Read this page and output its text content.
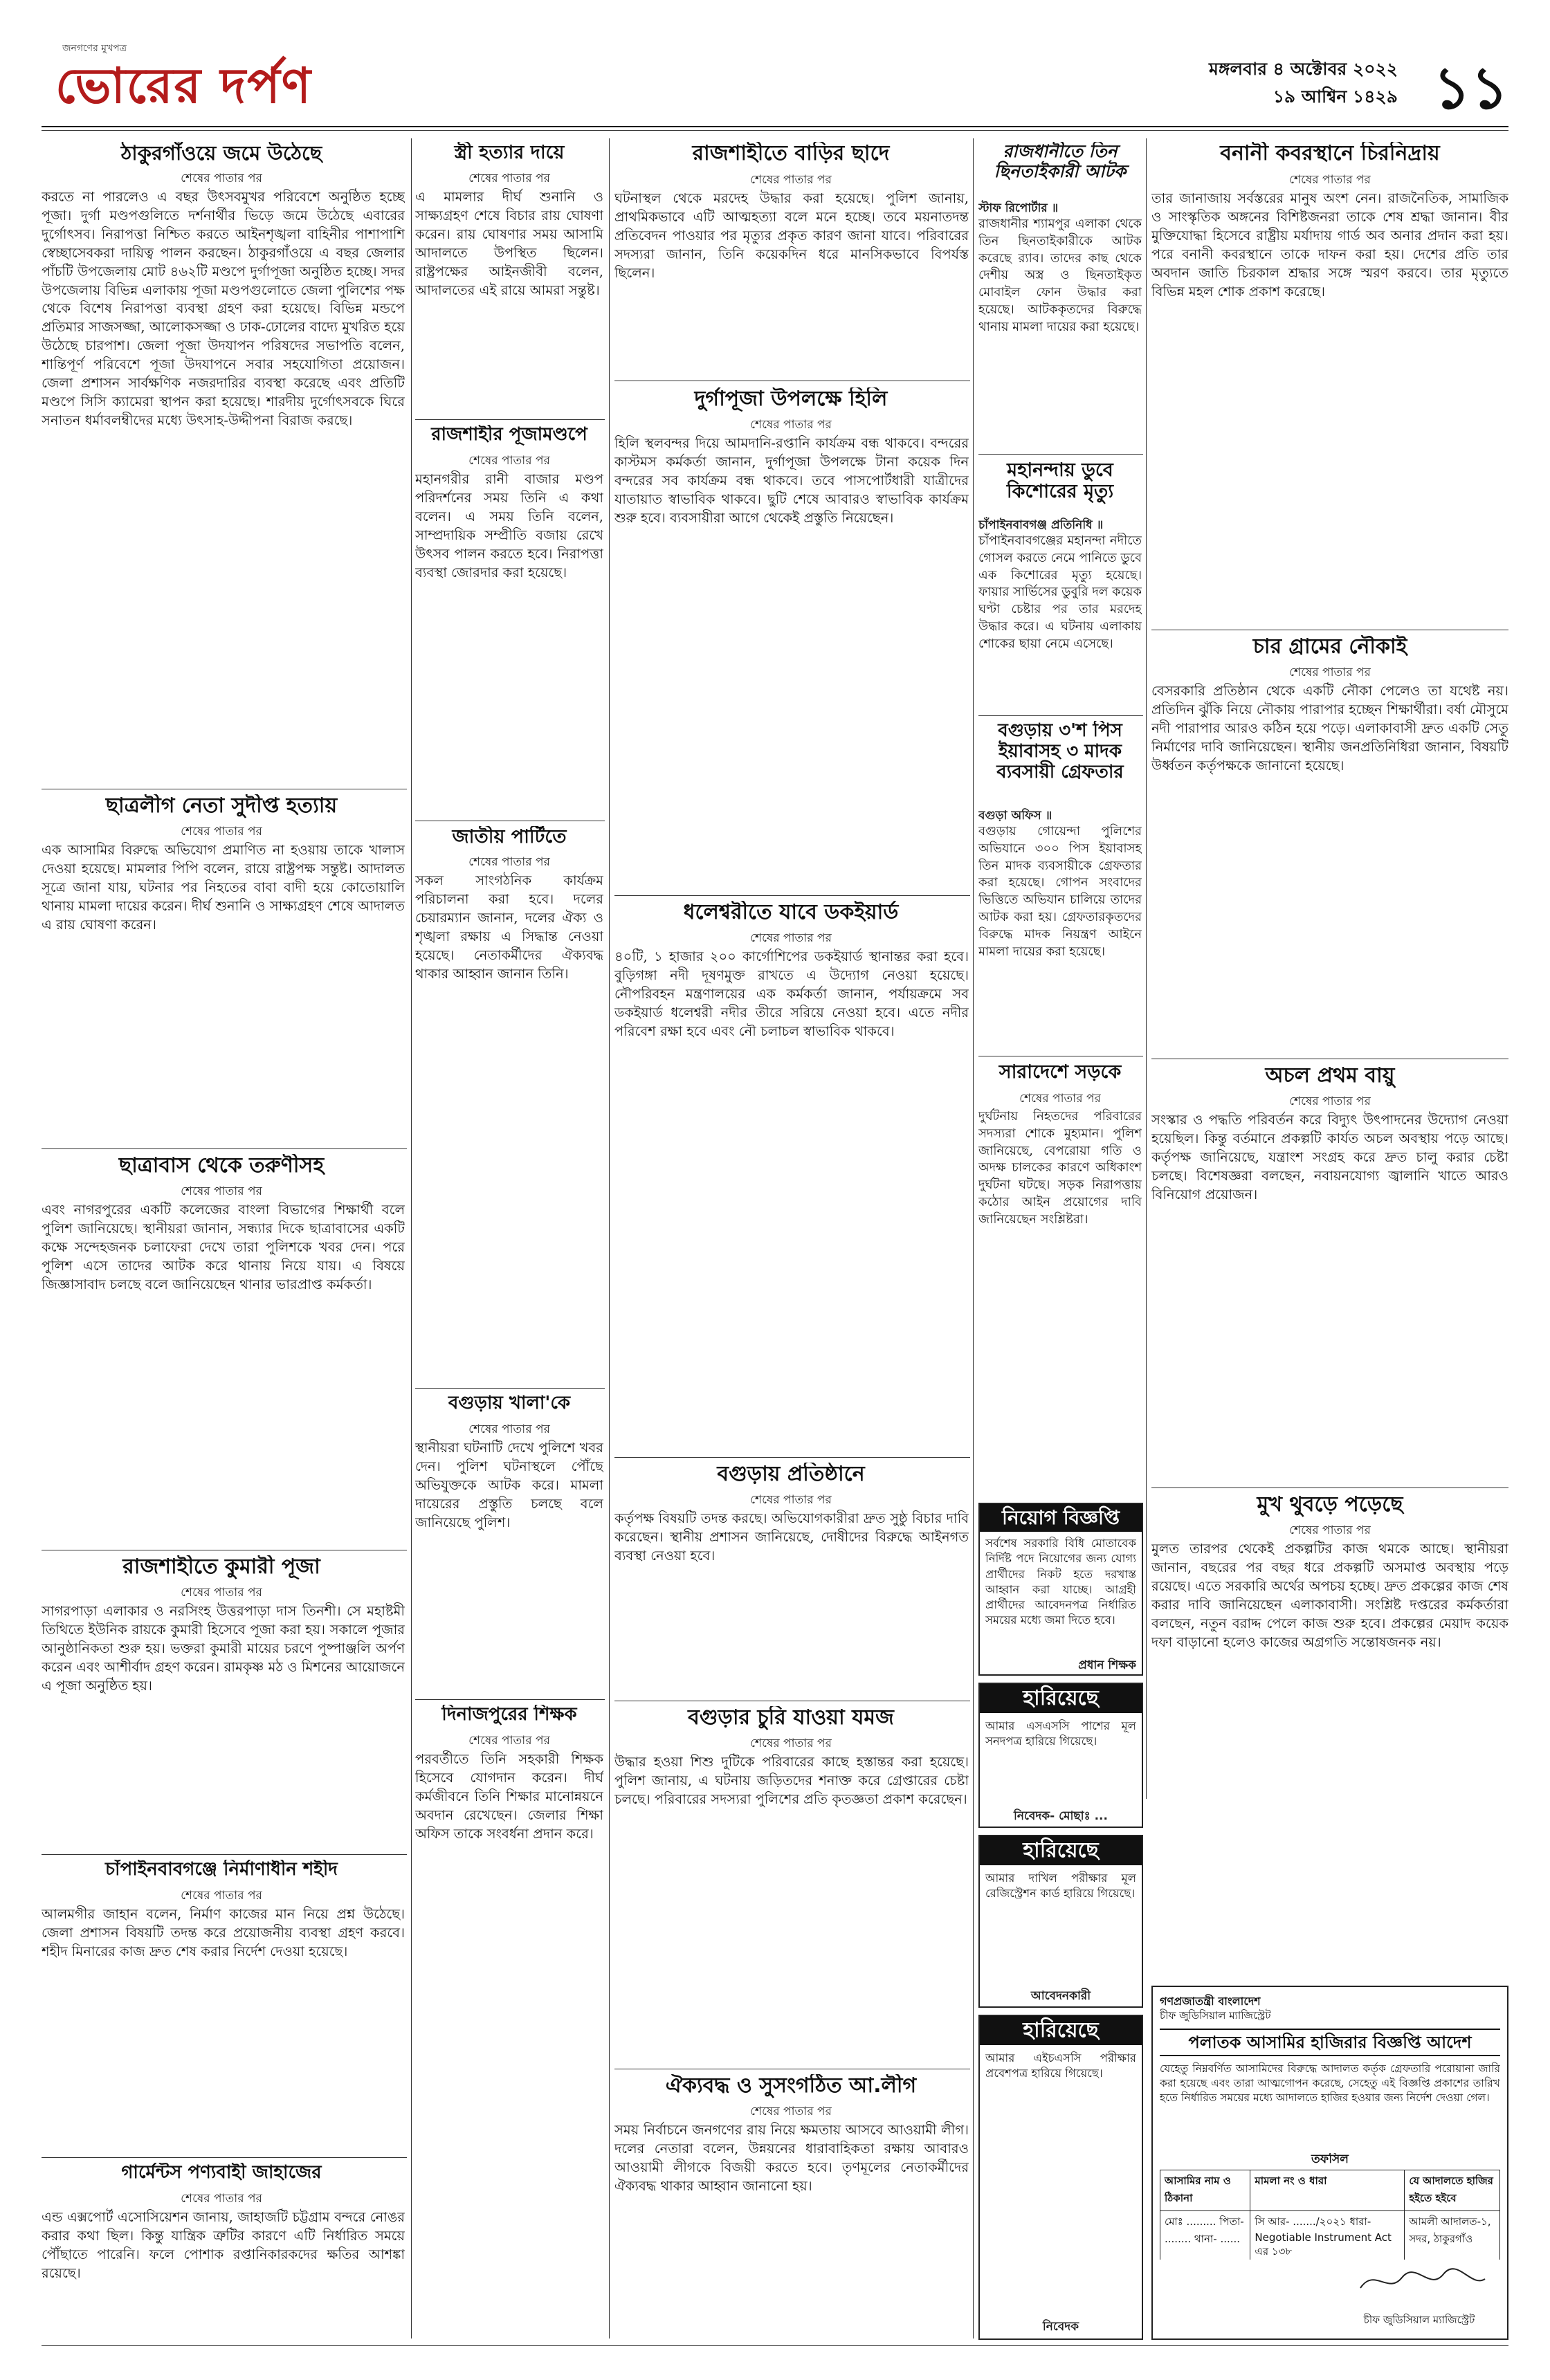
জনগণের মুখপত্র
ভোরের দর্পণ	মঙ্গলবার ৪ অক্টোবর ২০২২
১৯ আশ্বিন ১৪২৯ ১১
ঠাকুরগাঁওয়ে জমে উঠেছে
শেষের পাতার পর
করতে না পারলেও এ বছর উৎসবমুখর পরিবেশে অনুষ্ঠিত হচ্ছে পূজা। দুর্গা মণ্ডপগুলিতে দর্শনার্থীর ভিড়ে জমে উঠেছে এবারের দুর্গোৎসব। নিরাপত্তা নিশ্চিত করতে আইনশৃঙ্খলা বাহিনীর পাশাপাশি স্বেচ্ছাসেবকরা দায়িত্ব পালন করছেন। ঠাকুরগাঁওয়ে এ বছর জেলার পাঁচটি উপজেলায় মোট ৪৬২টি মণ্ডপে দুর্গাপূজা অনুষ্ঠিত হচ্ছে। সদর উপজেলায় বিভিন্ন এলাকায় পূজা মণ্ডপগুলোতে জেলা পুলিশের পক্ষ থেকে বিশেষ নিরাপত্তা ব্যবস্থা গ্রহণ করা হয়েছে। বিভিন্ন মন্ডপে প্রতিমার সাজসজ্জা, আলোকসজ্জা ও ঢাক-ঢোলের বাদ্যে মুখরিত হয়ে উঠেছে চারপাশ। জেলা পূজা উদযাপন পরিষদের সভাপতি বলেন, শান্তিপূর্ণ পরিবেশে পূজা উদযাপনে সবার সহযোগিতা প্রয়োজন। জেলা প্রশাসন সার্বক্ষণিক নজরদারির ব্যবস্থা করেছে এবং প্রতিটি মণ্ডপে সিসি ক্যামেরা স্থাপন করা হয়েছে। শারদীয় দুর্গোৎসবকে ঘিরে সনাতন ধর্মাবলম্বীদের মধ্যে উৎসাহ-উদ্দীপনা বিরাজ করছে।
ছাত্রলীগ নেতা সুদীপ্ত হত্যায়
শেষের পাতার পর
এক আসামির বিরুদ্ধে অভিযোগ প্রমাণিত না হওয়ায় তাকে খালাস দেওয়া হয়েছে। মামলার পিপি বলেন, রায়ে রাষ্ট্রপক্ষ সন্তুষ্ট। আদালত সূত্রে জানা যায়, ঘটনার পর নিহতের বাবা বাদী হয়ে কোতোয়ালি থানায় মামলা দায়ের করেন। দীর্ঘ শুনানি ও সাক্ষ্যগ্রহণ শেষে আদালত এ রায় ঘোষণা করেন।
ছাত্রাবাস থেকে তরুণীসহ
শেষের পাতার পর
এবং নাগরপুরের একটি কলেজের বাংলা বিভাগের শিক্ষার্থী বলে পুলিশ জানিয়েছে। স্থানীয়রা জানান, সন্ধ্যার দিকে ছাত্রাবাসের একটি কক্ষে সন্দেহজনক চলাফেরা দেখে তারা পুলিশকে খবর দেন। পরে পুলিশ এসে তাদের আটক করে থানায় নিয়ে যায়। এ বিষয়ে জিজ্ঞাসাবাদ চলছে বলে জানিয়েছেন থানার ভারপ্রাপ্ত কর্মকর্তা।
রাজশাহীতে কুমারী পূজা
শেষের পাতার পর
সাগরপাড়া এলাকার ও নরসিংহ উত্তরপাড়া দাস তিনশী। সে মহাষ্টমী তিথিতে ইউনিক রায়কে কুমারী হিসেবে পূজা করা হয়। সকালে পূজার আনুষ্ঠানিকতা শুরু হয়। ভক্তরা কুমারী মায়ের চরণে পুষ্পাঞ্জলি অর্পণ করেন এবং আশীর্বাদ গ্রহণ করেন। রামকৃষ্ণ মঠ ও মিশনের আয়োজনে এ পূজা অনুষ্ঠিত হয়।
চাঁপাইনবাবগঞ্জে নির্মাণাধীন শহীদ
শেষের পাতার পর
আলমগীর জাহান বলেন, নির্মাণ কাজের মান নিয়ে প্রশ্ন উঠেছে। জেলা প্রশাসন বিষয়টি তদন্ত করে প্রয়োজনীয় ব্যবস্থা গ্রহণ করবে। শহীদ মিনারের কাজ দ্রুত শেষ করার নির্দেশ দেওয়া হয়েছে।
গার্মেন্টস পণ্যবাহী জাহাজের
শেষের পাতার পর
এন্ড এক্সপোর্ট এসোসিয়েশন জানায়, জাহাজটি চট্টগ্রাম বন্দরে নোঙর করার কথা ছিল। কিন্তু যান্ত্রিক ত্রুটির কারণে এটি নির্ধারিত সময়ে পৌঁছাতে পারেনি। ফলে পোশাক রপ্তানিকারকদের ক্ষতির আশঙ্কা রয়েছে।
স্ত্রী হত্যার দায়ে
শেষের পাতার পর
এ মামলার দীর্ঘ শুনানি ও সাক্ষ্যগ্রহণ শেষে বিচার রায় ঘোষণা করেন। রায় ঘোষণার সময় আসামি আদালতে উপস্থিত ছিলেন। রাষ্ট্রপক্ষের আইনজীবী বলেন, আদালতের এই রায়ে আমরা সন্তুষ্ট।
রাজশাহীর পূজামণ্ডপে
শেষের পাতার পর
মহানগরীর রানী বাজার মণ্ডপ পরিদর্শনের সময় তিনি এ কথা বলেন। এ সময় তিনি বলেন, সাম্প্রদায়িক সম্প্রীতি বজায় রেখে উৎসব পালন করতে হবে। নিরাপত্তা ব্যবস্থা জোরদার করা হয়েছে।
জাতীয় পার্টিতে
শেষের পাতার পর
সকল সাংগঠনিক কার্যক্রম পরিচালনা করা হবে। দলের চেয়ারম্যান জানান, দলের ঐক্য ও শৃঙ্খলা রক্ষায় এ সিদ্ধান্ত নেওয়া হয়েছে। নেতাকর্মীদের ঐক্যবদ্ধ থাকার আহ্বান জানান তিনি।
বগুড়ায় খালা'কে
শেষের পাতার পর
স্থানীয়রা ঘটনাটি দেখে পুলিশে খবর দেন। পুলিশ ঘটনাস্থলে পৌঁছে অভিযুক্তকে আটক করে। মামলা দায়েরের প্রস্তুতি চলছে বলে জানিয়েছে পুলিশ।
দিনাজপুরের শিক্ষক
শেষের পাতার পর
পরবর্তীতে তিনি সহকারী শিক্ষক হিসেবে যোগদান করেন। দীর্ঘ কর্মজীবনে তিনি শিক্ষার মানোন্নয়নে অবদান রেখেছেন। জেলার শিক্ষা অফিস তাকে সংবর্ধনা প্রদান করে।
রাজশাহীতে বাড়ির ছাদে
শেষের পাতার পর
ঘটনাস্থল থেকে মরদেহ উদ্ধার করা হয়েছে। পুলিশ জানায়, প্রাথমিকভাবে এটি আত্মহত্যা বলে মনে হচ্ছে। তবে ময়নাতদন্ত প্রতিবেদন পাওয়ার পর মৃত্যুর প্রকৃত কারণ জানা যাবে। পরিবারের সদস্যরা জানান, তিনি কয়েকদিন ধরে মানসিকভাবে বিপর্যস্ত ছিলেন।
দুর্গাপূজা উপলক্ষে হিলি
শেষের পাতার পর
হিলি স্থলবন্দর দিয়ে আমদানি-রপ্তানি কার্যক্রম বন্ধ থাকবে। বন্দরের কাস্টমস কর্মকর্তা জানান, দুর্গাপূজা উপলক্ষে টানা কয়েক দিন বন্দরের সব কার্যক্রম বন্ধ থাকবে। তবে পাসপোর্টধারী যাত্রীদের যাতায়াত স্বাভাবিক থাকবে। ছুটি শেষে আবারও স্বাভাবিক কার্যক্রম শুরু হবে। ব্যবসায়ীরা আগে থেকেই প্রস্তুতি নিয়েছেন।
ধলেশ্বরীতে যাবে ডকইয়ার্ড
শেষের পাতার পর
৪০টি, ১ হাজার ২০০ কার্গোশিপের ডকইয়ার্ড স্থানান্তর করা হবে। বুড়িগঙ্গা নদী দূষণমুক্ত রাখতে এ উদ্যোগ নেওয়া হয়েছে। নৌপরিবহন মন্ত্রণালয়ের এক কর্মকর্তা জানান, পর্যায়ক্রমে সব ডকইয়ার্ড ধলেশ্বরী নদীর তীরে সরিয়ে নেওয়া হবে। এতে নদীর পরিবেশ রক্ষা হবে এবং নৌ চলাচল স্বাভাবিক থাকবে।
বগুড়ায় প্রতিষ্ঠানে
শেষের পাতার পর
কর্তৃপক্ষ বিষয়টি তদন্ত করছে। অভিযোগকারীরা দ্রুত সুষ্ঠু বিচার দাবি করেছেন। স্থানীয় প্রশাসন জানিয়েছে, দোষীদের বিরুদ্ধে আইনগত ব্যবস্থা নেওয়া হবে।
বগুড়ার চুরি যাওয়া যমজ
শেষের পাতার পর
উদ্ধার হওয়া শিশু দুটিকে পরিবারের কাছে হস্তান্তর করা হয়েছে। পুলিশ জানায়, এ ঘটনায় জড়িতদের শনাক্ত করে গ্রেপ্তারের চেষ্টা চলছে। পরিবারের সদস্যরা পুলিশের প্রতি কৃতজ্ঞতা প্রকাশ করেছেন।
ঐক্যবদ্ধ ও সুসংগঠিত আ.লীগ
শেষের পাতার পর
সময় নির্বাচনে জনগণের রায় নিয়ে ক্ষমতায় আসবে আওয়ামী লীগ। দলের নেতারা বলেন, উন্নয়নের ধারাবাহিকতা রক্ষায় আবারও আওয়ামী লীগকে বিজয়ী করতে হবে। তৃণমূলের নেতাকর্মীদের ঐক্যবদ্ধ থাকার আহ্বান জানানো হয়।
রাজধানীতে তিন ছিনতাইকারী আটক
স্টাফ রিপোর্টার ॥
রাজধানীর শ্যামপুর এলাকা থেকে তিন ছিনতাইকারীকে আটক করেছে র‍্যাব। তাদের কাছ থেকে দেশীয় অস্ত্র ও ছিনতাইকৃত মোবাইল ফোন উদ্ধার করা হয়েছে। আটককৃতদের বিরুদ্ধে থানায় মামলা দায়ের করা হয়েছে।
মহানন্দায় ডুবে কিশোরের মৃত্যু
চাঁপাইনবাবগঞ্জ প্রতিনিধি ॥
চাঁপাইনবাবগঞ্জের মহানন্দা নদীতে গোসল করতে নেমে পানিতে ডুবে এক কিশোরের মৃত্যু হয়েছে। ফায়ার সার্ভিসের ডুবুরি দল কয়েক ঘণ্টা চেষ্টার পর তার মরদেহ উদ্ধার করে। এ ঘটনায় এলাকায় শোকের ছায়া নেমে এসেছে।
বগুড়ায় ৩'শ পিস ইয়াবাসহ ৩ মাদক ব্যবসায়ী গ্রেফতার
বগুড়া অফিস ॥
বগুড়ায় গোয়েন্দা পুলিশের অভিযানে ৩০০ পিস ইয়াবাসহ তিন মাদক ব্যবসায়ীকে গ্রেফতার করা হয়েছে। গোপন সংবাদের ভিত্তিতে অভিযান চালিয়ে তাদের আটক করা হয়। গ্রেফতারকৃতদের বিরুদ্ধে মাদক নিয়ন্ত্রণ আইনে মামলা দায়ের করা হয়েছে।
সারাদেশে সড়কে
শেষের পাতার পর
দুর্ঘটনায় নিহতদের পরিবারের সদস্যরা শোকে মুহ্যমান। পুলিশ জানিয়েছে, বেপরোয়া গতি ও অদক্ষ চালকের কারণে অধিকাংশ দুর্ঘটনা ঘটছে। সড়ক নিরাপত্তায় কঠোর আইন প্রয়োগের দাবি জানিয়েছেন সংশ্লিষ্টরা।
নিয়োগ বিজ্ঞপ্তি
সর্বশেষ সরকারি বিধি মোতাবেক নির্দিষ্ট পদে নিয়োগের জন্য যোগ্য প্রার্থীদের নিকট হতে দরখাস্ত আহ্বান করা যাচ্ছে। আগ্রহী প্রার্থীদের আবেদনপত্র নির্ধারিত সময়ের মধ্যে জমা দিতে হবে।
প্রধান শিক্ষক
হারিয়েছে
আমার এসএসসি পাশের মূল সনদপত্র হারিয়ে গিয়েছে।
নিবেদক- মোছাঃ ...
হারিয়েছে
আমার দাখিল পরীক্ষার মূল রেজিস্ট্রেশন কার্ড হারিয়ে গিয়েছে।
আবেদনকারী
হারিয়েছে
আমার এইচএসসি পরীক্ষার প্রবেশপত্র হারিয়ে গিয়েছে।
নিবেদক
বনানী কবরস্থানে চিরনিদ্রায়
শেষের পাতার পর
তার জানাজায় সর্বস্তরের মানুষ অংশ নেন। রাজনৈতিক, সামাজিক ও সাংস্কৃতিক অঙ্গনের বিশিষ্টজনরা তাকে শেষ শ্রদ্ধা জানান। বীর মুক্তিযোদ্ধা হিসেবে রাষ্ট্রীয় মর্যাদায় গার্ড অব অনার প্রদান করা হয়। পরে বনানী কবরস্থানে তাকে দাফন করা হয়। দেশের প্রতি তার অবদান জাতি চিরকাল শ্রদ্ধার সঙ্গে স্মরণ করবে। তার মৃত্যুতে বিভিন্ন মহল শোক প্রকাশ করেছে।
চার গ্রামের নৌকাই
শেষের পাতার পর
বেসরকারি প্রতিষ্ঠান থেকে একটি নৌকা পেলেও তা যথেষ্ট নয়। প্রতিদিন ঝুঁকি নিয়ে নৌকায় পারাপার হচ্ছেন শিক্ষার্থীরা। বর্ষা মৌসুমে নদী পারাপার আরও কঠিন হয়ে পড়ে। এলাকাবাসী দ্রুত একটি সেতু নির্মাণের দাবি জানিয়েছেন। স্থানীয় জনপ্রতিনিধিরা জানান, বিষয়টি উর্ধ্বতন কর্তৃপক্ষকে জানানো হয়েছে।
অচল প্রথম বায়ু
শেষের পাতার পর
সংস্কার ও পদ্ধতি পরিবর্তন করে বিদ্যুৎ উৎপাদনের উদ্যোগ নেওয়া হয়েছিল। কিন্তু বর্তমানে প্রকল্পটি কার্যত অচল অবস্থায় পড়ে আছে। কর্তৃপক্ষ জানিয়েছে, যন্ত্রাংশ সংগ্রহ করে দ্রুত চালু করার চেষ্টা চলছে। বিশেষজ্ঞরা বলছেন, নবায়নযোগ্য জ্বালানি খাতে আরও বিনিয়োগ প্রয়োজন।
মুখ থুবড়ে পড়েছে
শেষের পাতার পর
মুলত তারপর থেকেই প্রকল্পটির কাজ থমকে আছে। স্থানীয়রা জানান, বছরের পর বছর ধরে প্রকল্পটি অসমাপ্ত অবস্থায় পড়ে রয়েছে। এতে সরকারি অর্থের অপচয় হচ্ছে। দ্রুত প্রকল্পের কাজ শেষ করার দাবি জানিয়েছেন এলাকাবাসী। সংশ্লিষ্ট দপ্তরের কর্মকর্তারা বলছেন, নতুন বরাদ্দ পেলে কাজ শুরু হবে। প্রকল্পের মেয়াদ কয়েক দফা বাড়ানো হলেও কাজের অগ্রগতি সন্তোষজনক নয়।
গণপ্রজাতন্ত্রী বাংলাদেশ
চীফ জুডিসিয়াল ম্যাজিস্ট্রেট
পলাতক আসামির হাজিরার বিজ্ঞপ্তি আদেশ
যেহেতু নিম্নবর্ণিত আসামিদের বিরুদ্ধে আদালত কর্তৃক গ্রেফতারি পরোয়ানা জারি করা হয়েছে এবং তারা আত্মগোপন করেছে, সেহেতু এই বিজ্ঞপ্তি প্রকাশের তারিখ হতে নির্ধারিত সময়ের মধ্যে আদালতে হাজির হওয়ার জন্য নির্দেশ দেওয়া গেল।
তফসিল
আসামির নাম ও ঠিকানা	মামলা নং ও ধারা	যে আদালতে হাজির হইতে হইবে
মোঃ ......... পিতা- ........ থানা- ......	সি আর- ......./২০২১ ধারা- Negotiable Instrument Act এর ১৩৮	আমলী আদালত-১, সদর, ঠাকুরগাঁও
চীফ জুডিসিয়াল ম্যাজিস্ট্রেট
